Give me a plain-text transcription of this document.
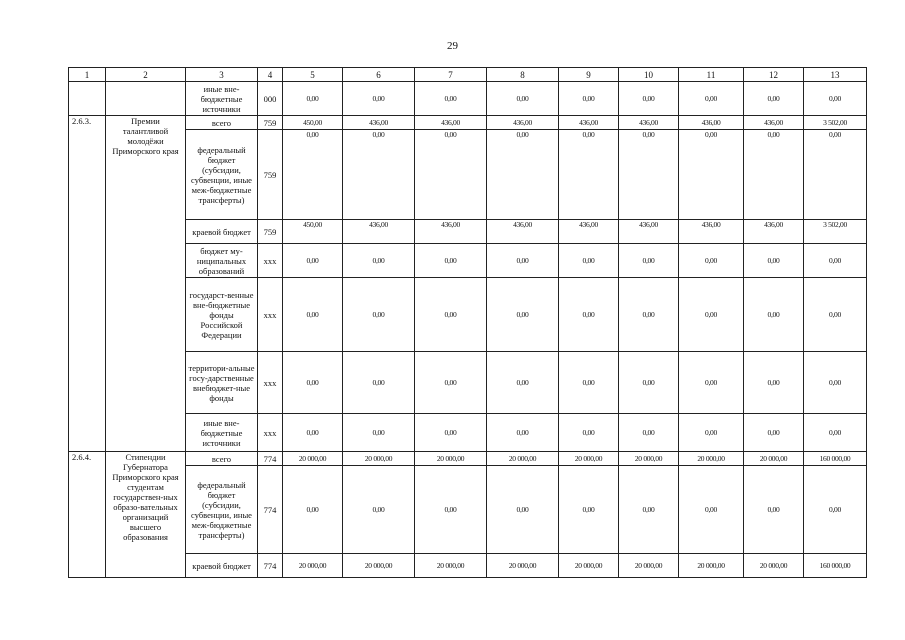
29
1	2	3	4	5	6	7	8	9	10	11	12	13
		иные вне-бюджетные источники	000	0,00	0,00	0,00	0,00	0,00	0,00	0,00	0,00	0,00
2.6.3.	Премии талантливой молодёжи Приморского края	всего	759	450,00	436,00	436,00	436,00	436,00	436,00	436,00	436,00	3 502,00
		федеральный бюджет (субсидии, субвенции, иные меж-бюджетные трансферты)	759	0,00	0,00	0,00	0,00	0,00	0,00	0,00	0,00	0,00
		краевой бюджет	759	450,00	436,00	436,00	436,00	436,00	436,00	436,00	436,00	3 502,00
		бюджет му-ниципальных образований	xxx	0,00	0,00	0,00	0,00	0,00	0,00	0,00	0,00	0,00
		государст-венные вне-бюджетные фонды Российской Федерации	xxx	0,00	0,00	0,00	0,00	0,00	0,00	0,00	0,00	0,00
		территори-альные госу-дарственные внебюджет-ные фонды	xxx	0,00	0,00	0,00	0,00	0,00	0,00	0,00	0,00	0,00
		иные вне-бюджетные источники	xxx	0,00	0,00	0,00	0,00	0,00	0,00	0,00	0,00	0,00

2.6.4.	Стипендии Губернатора Приморского края студентам государствен-ных образо-вательных организаций высшего образования	всего	774	20 000,00	20 000,00	20 000,00	20 000,00	20 000,00	20 000,00	20 000,00	20 000,00	160 000,00
		федеральный бюджет (субсидии, субвенции, иные меж-бюджетные трансферты)	774	0,00	0,00	0,00	0,00	0,00	0,00	0,00	0,00	0,00
		краевой бюджет	774	20 000,00	20 000,00	20 000,00	20 000,00	20 000,00	20 000,00	20 000,00	20 000,00	160 000,00
